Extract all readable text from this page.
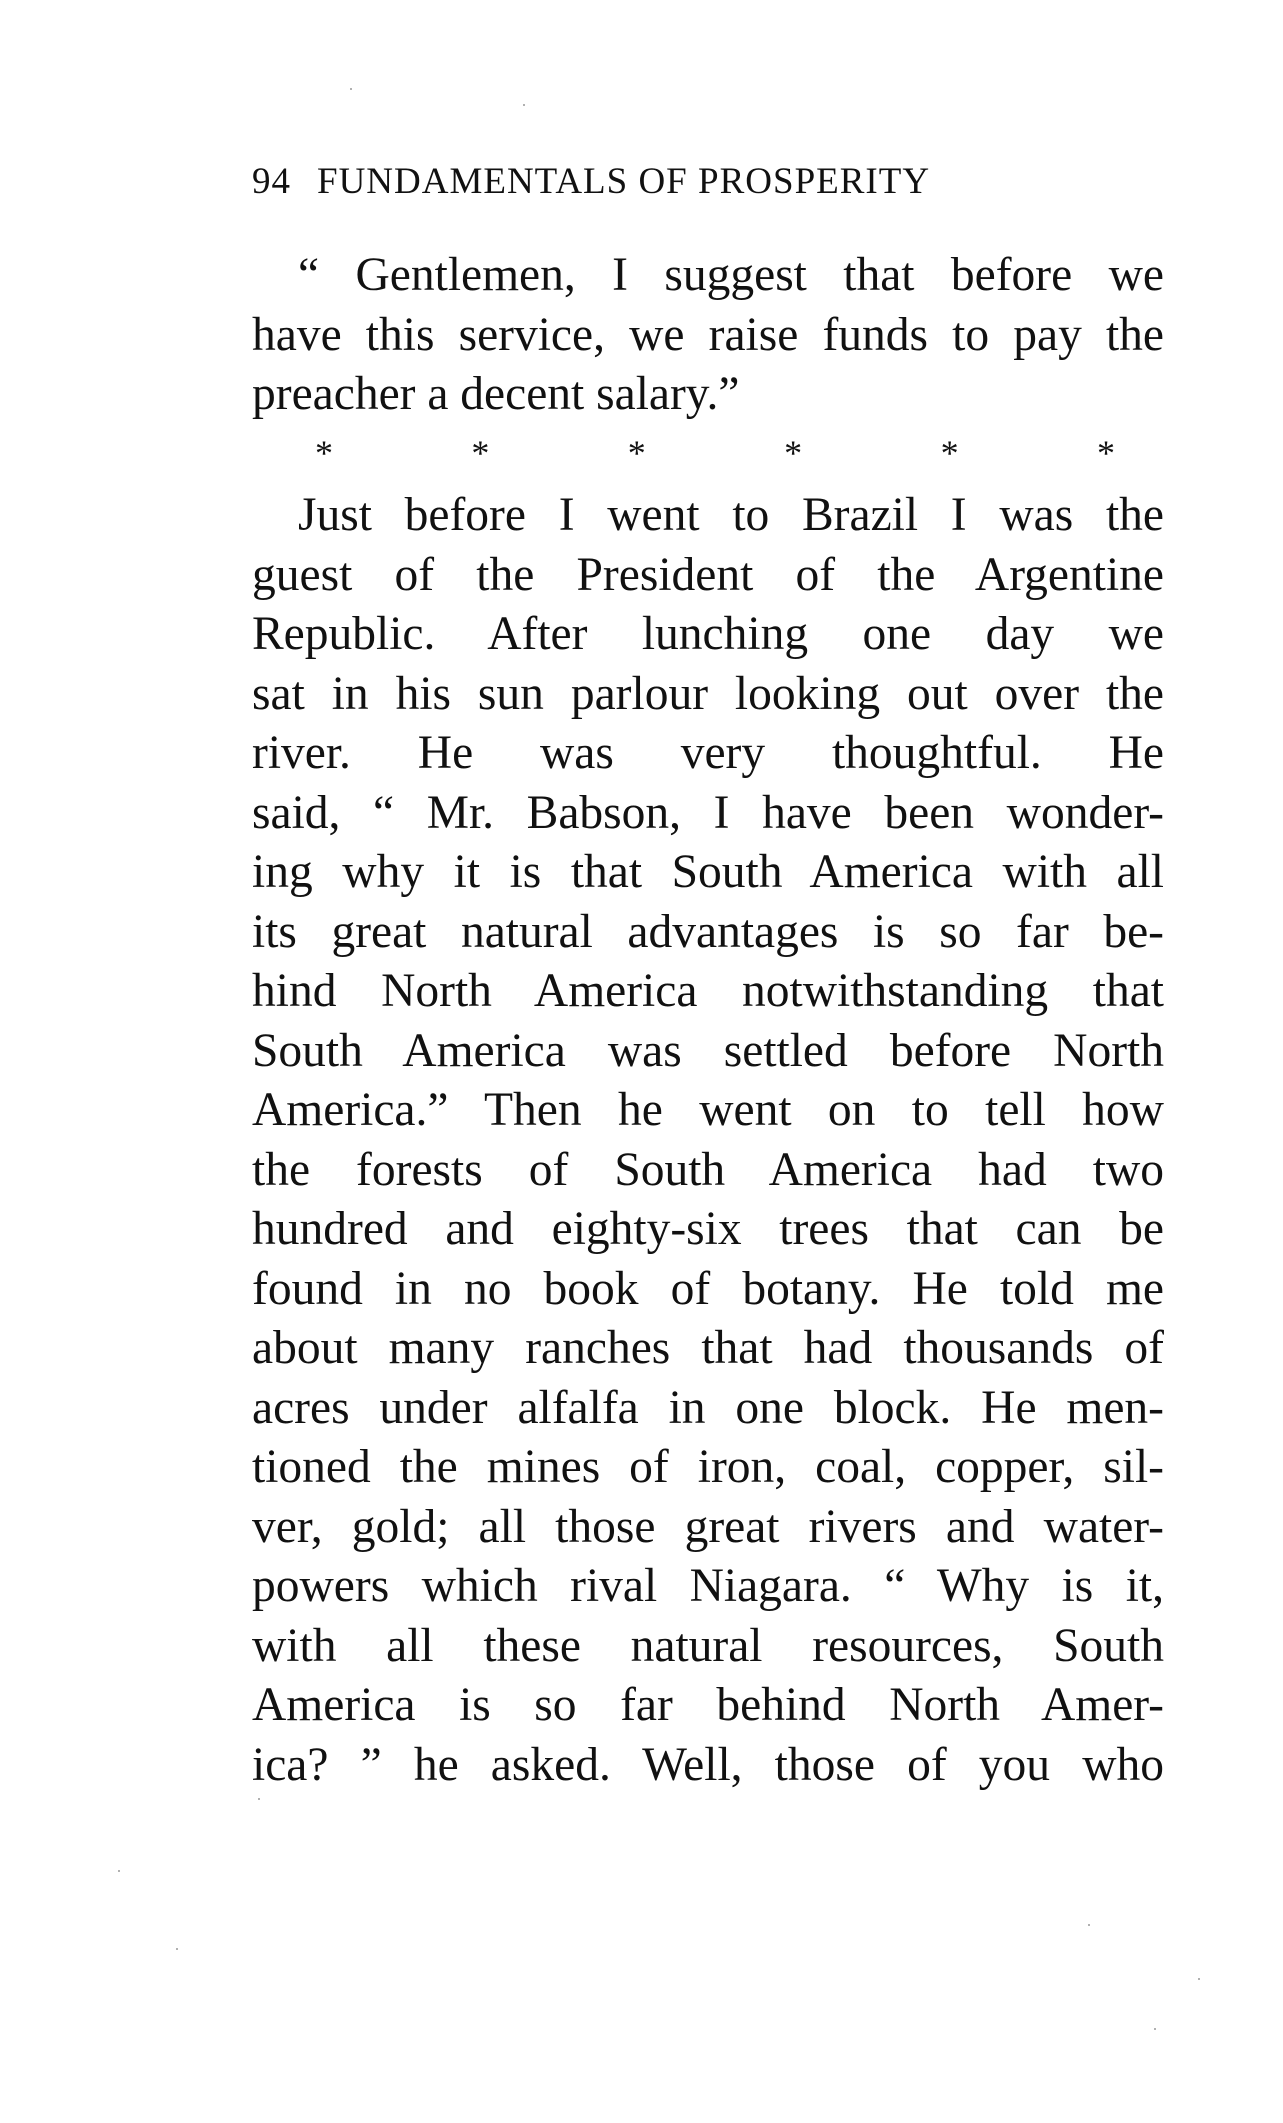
94 FUNDAMENTALS OF PROSPERITY
“ Gentlemen, I suggest that before we
have this service, we raise funds to pay the
preacher a decent salary.”
*	*	*	*	*	*
Just before I went to Brazil I was the
guest of the President of the Argentine
Republic. After lunching one day we
sat in his sun parlour looking out over the
river. He was very thoughtful. He
said, “ Mr. Babson, I have been wonder-
ing why it is that South America with all
its great natural advantages is so far be-
hind North America notwithstanding that
South America was settled before North
America.” Then he went on to tell how
the forests of South America had two
hundred and eighty-six trees that can be
found in no book of botany. He told me
about many ranches that had thousands of
acres under alfalfa in one block. He men-
tioned the mines of iron, coal, copper, sil-
ver, gold; all those great rivers and water-
powers which rival Niagara. “ Why is it,
with all these natural resources, South
America is so far behind North Amer-
ica? ” he asked. Well, those of you who
